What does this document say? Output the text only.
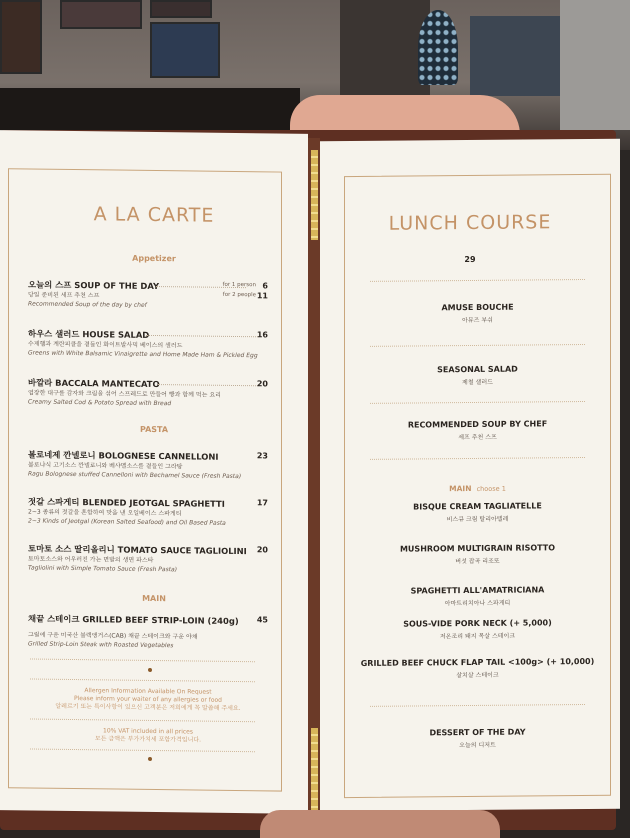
A LA CARTE
Appetizer
오늘의 스프 SOUP OF THE DAY	for 1 person 6
당일 준비된 세프 추천 스프
Recommended Soup of the day by chef
for 2 people 11
하우스 샐러드 HOUSE SALAD	16
수제햄과 계란피클을 곁들인 화이트발사믹 베이스의 샐러드
Greens with White Balsamic Vinaigrette and Home Made Ham & Pickled Egg
바깔라 BACCALA MANTECATO	20
염장한 대구를 감자와 크림을 섞어 스프레드로 만들어 빵과 함께 먹는 요리
Creamy Salted Cod & Potato Spread with Bread
PASTA
볼로네제 깐넬로니 BOLOGNESE CANNELLONI	23
볼로냐식 고기소스 깐넬로니와 베샤멜소스를 곁들인 그라탕
Ragu Bolognese stuffed Cannelloni with Bechamel Sauce (Fresh Pasta)
젓갈 스파게티 BLENDED JEOTGAL SPAGHETTI	17
2~3 종류의 젓갈을 혼합하여 맛을 낸 오일베이스 스파게티
2~3 Kinds of Jeotgal (Korean Salted Seafood) and Oil Based Pasta
토마토 소스 딸리올리니 TOMATO SAUCE TAGLIOLINI	20
토마토소스와 어우러진 가는 면발의 생면 파스타
Tagliolini with Simple Tomato Sauce (Fresh Pasta)
MAIN
채끝 스테이크 GRILLED BEEF STRIP-LOIN (240g)	45
그릴에 구운 미국산 블랙앵거스(CAB) 채끝 스테이크와 구운 야채
Grilled Strip-Loin Steak with Roasted Vegetables
Allergen Information Available On Request
Please inform your waiter of any allergies or food
알레르기 또는 특이사항이 있으신 고객분은 저희에게 꼭 말씀해 주세요.
10% VAT included in all prices
모든 금액은 부가가치세 포함가격입니다.
LUNCH COURSE
29
AMUSE BOUCHE
아뮤즈 부쉬
SEASONAL SALAD
제철 샐러드
RECOMMENDED SOUP BY CHEF
세프 추천 스프
MAIN choose 1
BISQUE CREAM TAGLIATELLE
비스큐 크림 탈리아텔레
MUSHROOM MULTIGRAIN RISOTTO
버섯 잡곡 리조또
SPAGHETTI ALL'AMATRICIANA
아마트리치아나 스파게티
SOUS-VIDE PORK NECK (+ 5,000)
저온조리 돼지 목살 스테이크
GRILLED BEEF CHUCK FLAP TAIL <100g> (+ 10,000)
살치살 스테이크
DESSERT OF THE DAY
오늘의 디저트
